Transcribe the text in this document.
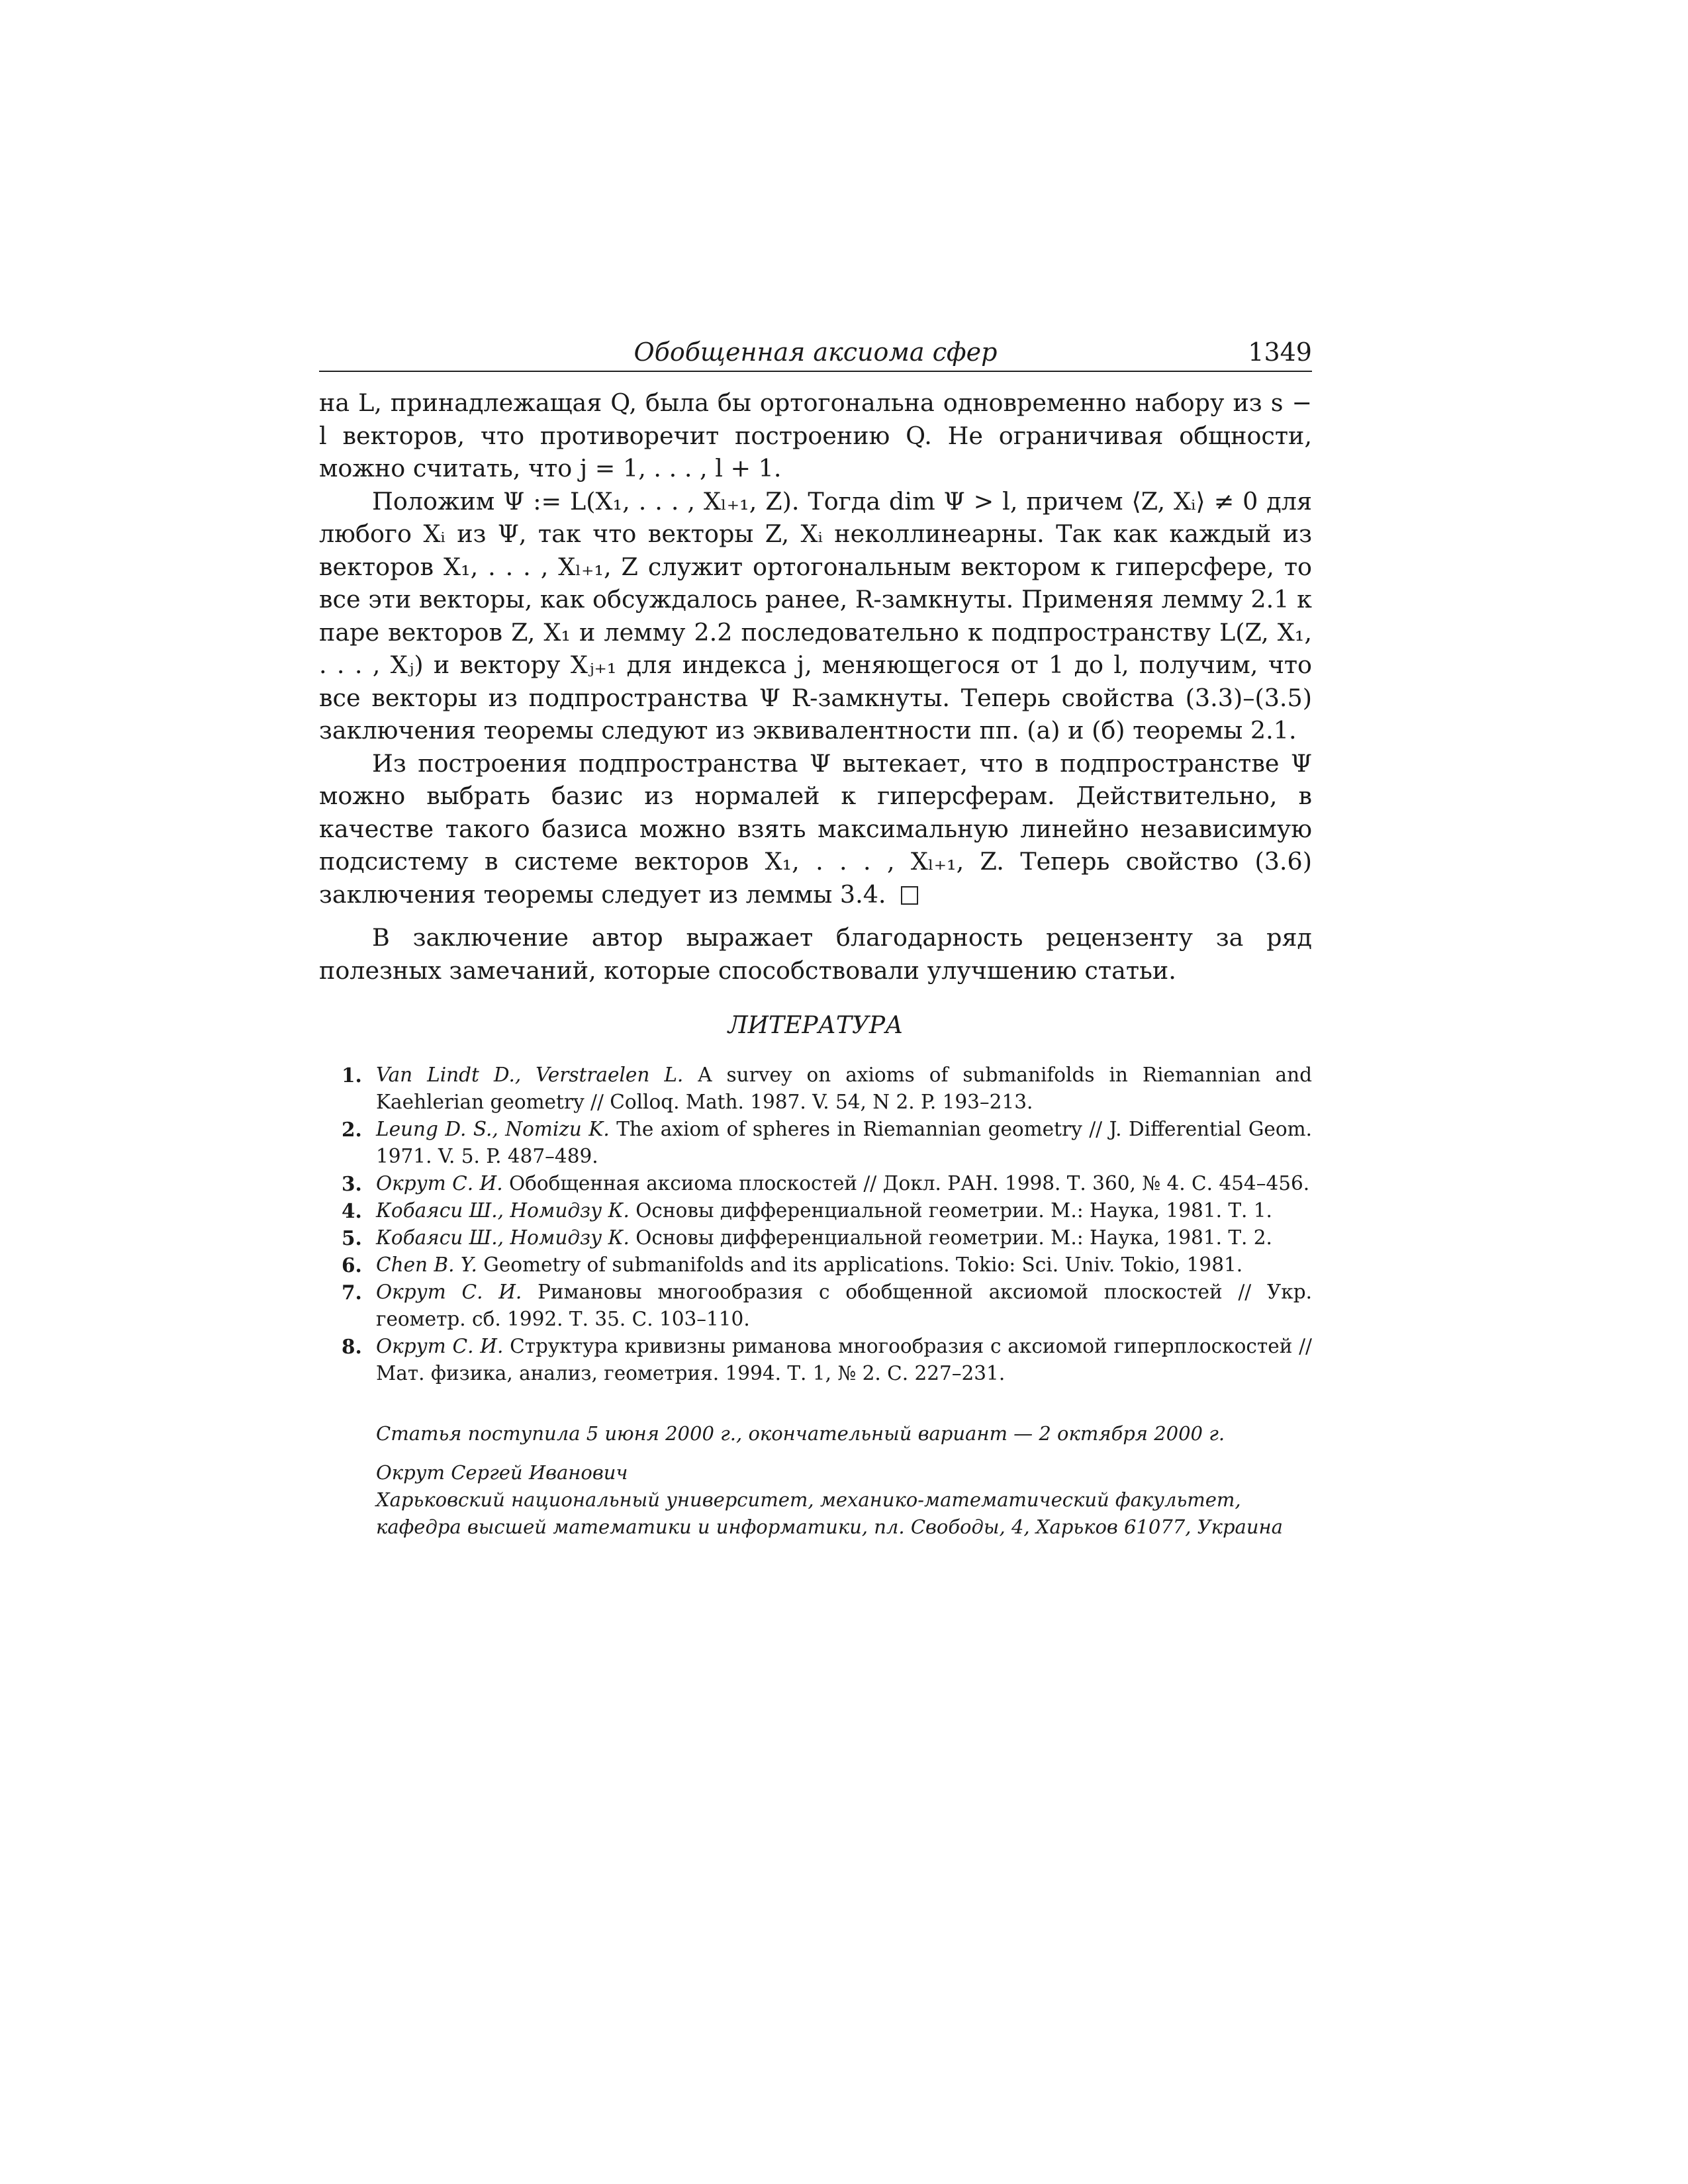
Обобщенная аксиома сфер	1349

на L, принадлежащая Q, была бы ортогональна одновременно набору из s − l векторов, что противоречит построению Q. Не ограничивая общности, можно считать, что j = 1, . . . , l + 1.

Положим Ψ := L(X₁, . . . , Xₗ₊₁, Z). Тогда dim Ψ > l, причем ⟨Z, Xᵢ⟩ ≠ 0 для любого Xᵢ из Ψ, так что векторы Z, Xᵢ неколлинеарны. Так как каждый из векторов X₁, . . . , Xₗ₊₁, Z служит ортогональным вектором к гиперсфере, то все эти векторы, как обсуждалось ранее, R-замкнуты. Применяя лемму 2.1 к паре векторов Z, X₁ и лемму 2.2 последовательно к подпространству L(Z, X₁, . . . , Xⱼ) и вектору Xⱼ₊₁ для индекса j, меняющегося от 1 до l, получим, что все векторы из подпространства Ψ R-замкнуты. Теперь свойства (3.3)–(3.5) заключения теоремы следуют из эквивалентности пп. (а) и (б) теоремы 2.1.

Из построения подпространства Ψ вытекает, что в подпространстве Ψ можно выбрать базис из нормалей к гиперсферам. Действительно, в качестве такого базиса можно взять максимальную линейно независимую подсистему в системе векторов X₁, . . . , Xₗ₊₁, Z. Теперь свойство (3.6) заключения теоремы следует из леммы 3.4.

В заключение автор выражает благодарность рецензенту за ряд полезных замечаний, которые способствовали улучшению статьи.

ЛИТЕРАТУРА
1. Van Lindt D., Verstraelen L. A survey on axioms of submanifolds in Riemannian and Kaehlerian geometry // Colloq. Math. 1987. V. 54, N 2. P. 193–213.
2. Leung D. S., Nomizu K. The axiom of spheres in Riemannian geometry // J. Differential Geom. 1971. V. 5. P. 487–489.
3. Окрут С. И. Обобщенная аксиома плоскостей // Докл. РАН. 1998. Т. 360, № 4. С. 454–456.
4. Кобаяси Ш., Номидзу К. Основы дифференциальной геометрии. М.: Наука, 1981. Т. 1.
5. Кобаяси Ш., Номидзу К. Основы дифференциальной геометрии. М.: Наука, 1981. Т. 2.
6. Chen B. Y. Geometry of submanifolds and its applications. Tokio: Sci. Univ. Tokio, 1981.
7. Окрут С. И. Римановы многообразия с обобщенной аксиомой плоскостей // Укр. геометр. сб. 1992. Т. 35. С. 103–110.
8. Окрут С. И. Структура кривизны риманова многообразия с аксиомой гиперплоскостей // Мат. физика, анализ, геометрия. 1994. Т. 1, № 2. С. 227–231.
Статья поступила 5 июня 2000 г., окончательный вариант — 2 октября 2000 г.
Окрут Сергей Иванович
Харьковский национальный университет, механико-математический факультет, кафедра высшей математики и информатики, пл. Свободы, 4, Харьков 61077, Украина
